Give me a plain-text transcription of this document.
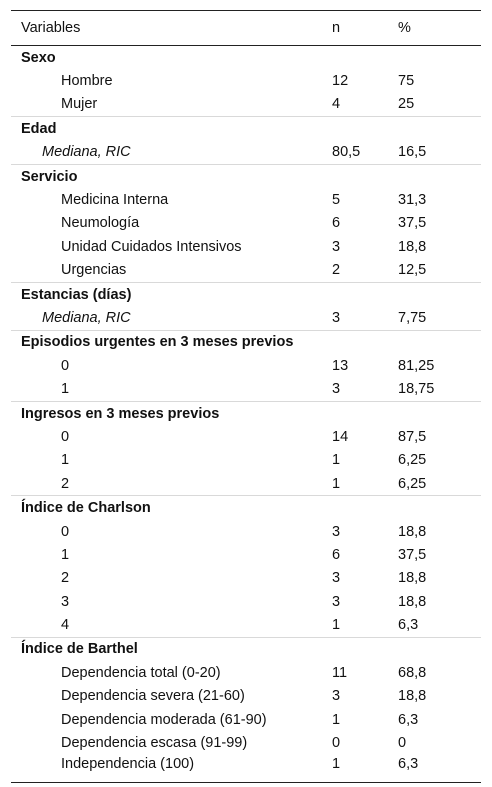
Variables	n	%
Sexo		
Hombre	12	75
Mujer	4	25
Edad		
Mediana, RIC	80,5	16,5
Servicio		
Medicina Interna	5	31,3
Neumología	6	37,5
Unidad Cuidados Intensivos	3	18,8
Urgencias	2	12,5
Estancias (días)		
Mediana, RIC	3	7,75
Episodios urgentes en 3 meses previos		
0	13	81,25
1	3	18,75
Ingresos en 3 meses previos		
0	14	87,5
1	1	6,25
2	1	6,25
Índice de Charlson		
0	3	18,8
1	6	37,5
2	3	18,8
3	3	18,8
4	1	6,3
Índice de Barthel		
Dependencia total (0-20)	11	68,8
Dependencia severa (21-60)	3	18,8
Dependencia moderada (61-90)	1	6,3
Dependencia escasa (91-99)	0	0
Independencia (100)	1	6,3
